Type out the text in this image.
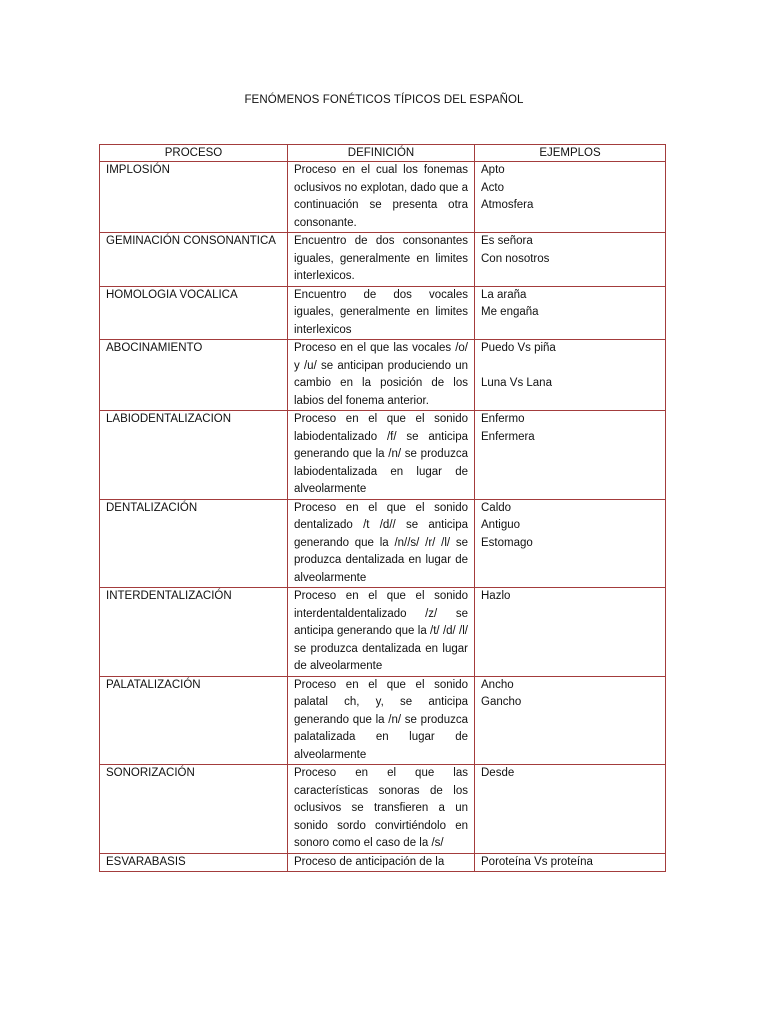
FENÓMENOS FONÉTICOS TÍPICOS DEL ESPAÑOL
PROCESO	DEFINICIÓN	EJEMPLOS
IMPLOSIÓN	Proceso en el cual los fonemas oclusivos no explotan, dado que a continuación se presenta otra consonante.	Apto
Acto
Atmosfera

GEMINACIÓN CONSONANTICA	Encuentro de dos consonantes iguales, generalmente en limites interlexicos.	Es señora
Con nosotros

HOMOLOGIA VOCALICA	Encuentro de dos vocales iguales, generalmente en limites interlexicos	La araña
Me engaña

ABOCINAMIENTO	Proceso en el que las vocales /o/ y /u/ se anticipan produciendo un cambio en la posición de los labios del fonema anterior.	Puedo Vs piña
Luna Vs Lana

LABIODENTALIZACION	Proceso en el que el sonido labiodentalizado /f/ se anticipa generando que la /n/ se produzca labiodentalizada en lugar de alveolarmente	Enfermo
Enfermera

DENTALIZACIÓN	Proceso en el que el sonido dentalizado /t /d// se anticipa generando que la /n//s/ /r/ /l/ se produzca dentalizada en lugar de alveolarmente	Caldo
Antiguo
Estomago

INTERDENTALIZACIÓN	Proceso en el que el sonido interdentaldentalizado /z/ se anticipa generando que la /t/ /d/ /l/ se produzca dentalizada en lugar de alveolarmente	Hazlo

PALATALIZACIÓN	Proceso en el que el sonido palatal ch, y, se anticipa generando que la /n/ se produzca palatalizada en lugar de alveolarmente	Ancho
Gancho

SONORIZACIÓN	Proceso en el que las características sonoras de los oclusivos se transfieren a un sonido sordo convirtiéndolo en sonoro como el caso de la /s/	Desde

ESVARABASIS	Proceso de anticipación de la	Poroteína Vs proteína
